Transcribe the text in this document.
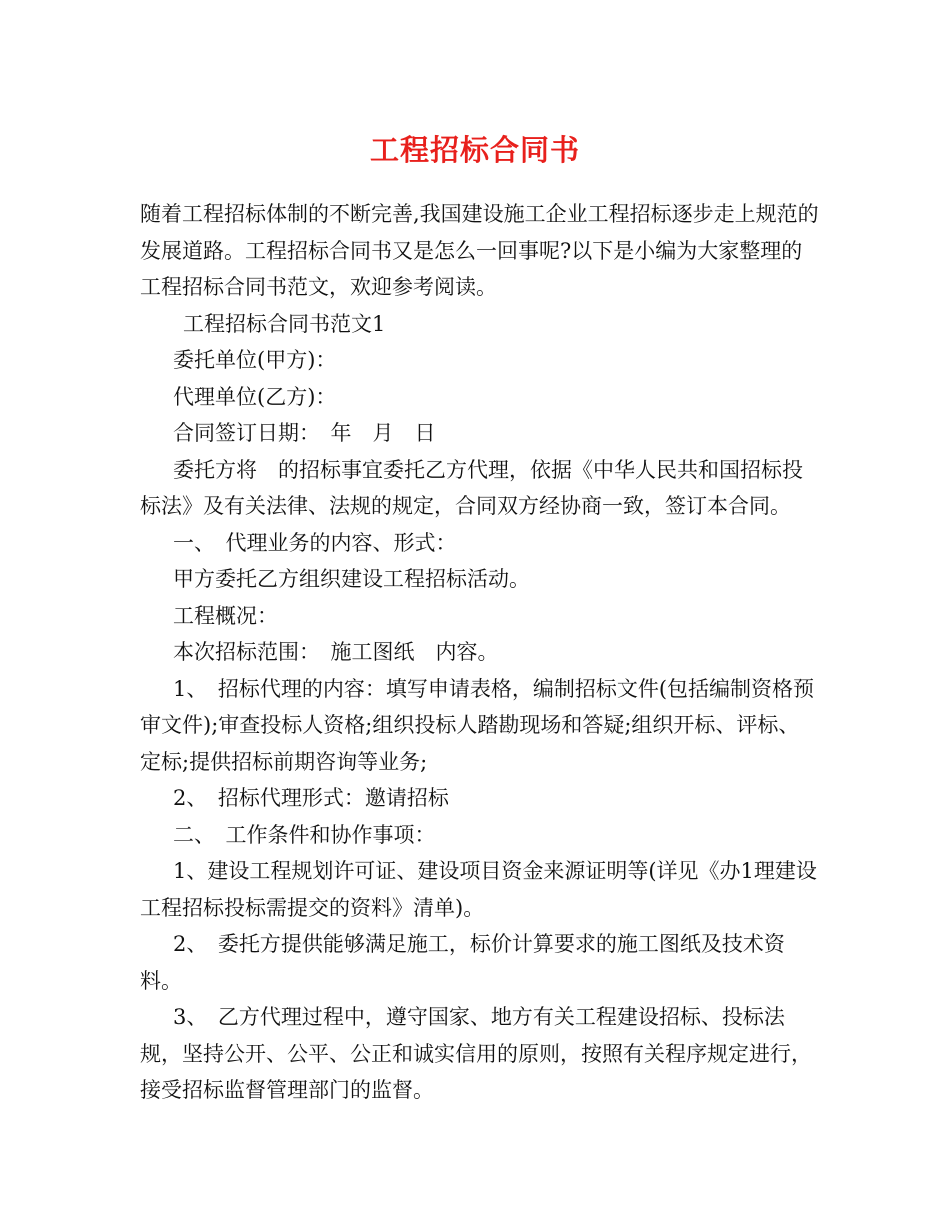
工程招标合同书

随着工程招标体制的不断完善,我国建设施工企业工程招标逐步走上规范的发展道路。工程招标合同书又是怎么一回事呢?以下是小编为大家整理的工程招标合同书范文，欢迎参考阅读。

工程招标合同书范文1

委托单位(甲方)：

代理单位(乙方)：

合同签订日期：　年　月　日

委托方将　的招标事宜委托乙方代理，依据《中华人民共和国招标投标法》及有关法律、法规的规定，合同双方经协商一致，签订本合同。

一、　代理业务的内容、形式：

甲方委托乙方组织建设工程招标活动。

工程概况：

本次招标范围：　施工图纸　内容。

1、　招标代理的内容：填写申请表格，编制招标文件(包括编制资格预审文件);审查投标人资格;组织投标人踏勘现场和答疑;组织开标、评标、定标;提供招标前期咨询等业务;

2、　招标代理形式：邀请招标

二、　工作条件和协作事项：

1、建设工程规划许可证、建设项目资金来源证明等(详见《办1理建设工程招标投标需提交的资料》清单)。

2、　委托方提供能够满足施工，标价计算要求的施工图纸及技术资料。

3、　乙方代理过程中，遵守国家、地方有关工程建设招标、投标法规，坚持公开、公平、公正和诚实信用的原则，按照有关程序规定进行，接受招标监督管理部门的监督。
